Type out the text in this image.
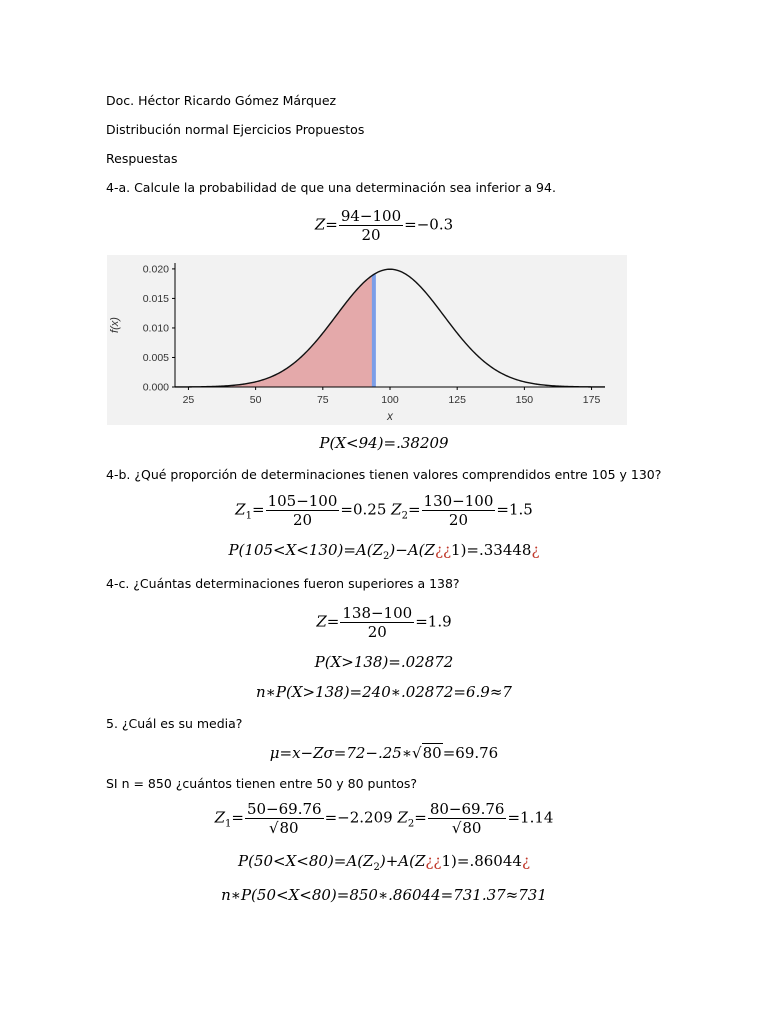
Doc. Héctor Ricardo Gómez Márquez
Distribución normal Ejercicios Propuestos
Respuestas
4-a. Calcule la probabilidad de que una determinación sea inferior a 94.
$Z= \frac{94-100}{20} =-0.3$
25	50	75	100	125	150	175
0.000
0.005
0.010
0.015
0.020
x
f(x)
P(X<94)=.38209
4-b. ¿Qué proporción de determinaciones tienen valores comprendidos entre 105 y 130?
$Z_1= \frac{105-100}{20} =0.25$ $Z_2= \frac{130-100}{20} =1.5$
$P(105<X<130)=A(Z_2)-A(Z¿¿1)=.33448¿$
4-c. ¿Cuántas determinaciones fueron superiores a 138?
$Z= \frac{138-100}{20} =1.9$
P(X>138)=.02872
n∗P(X>138)=240∗.02872=6.9≈7
5. ¿Cuál es su media?
μ=x−Zσ=72−.25∗√80=69.76
SI n = 850 ¿cuántos tienen entre 50 y 80 puntos?
$Z_1= \frac{50-69.76}{√80} =-2.209$ $Z_2= \frac{80-69.76}{√80} =1.14$
$P(50<X<80)=A(Z_2)+A(Z¿¿1)=.86044¿$
n∗P(50<X<80)=850∗.86044=731.37≈731
